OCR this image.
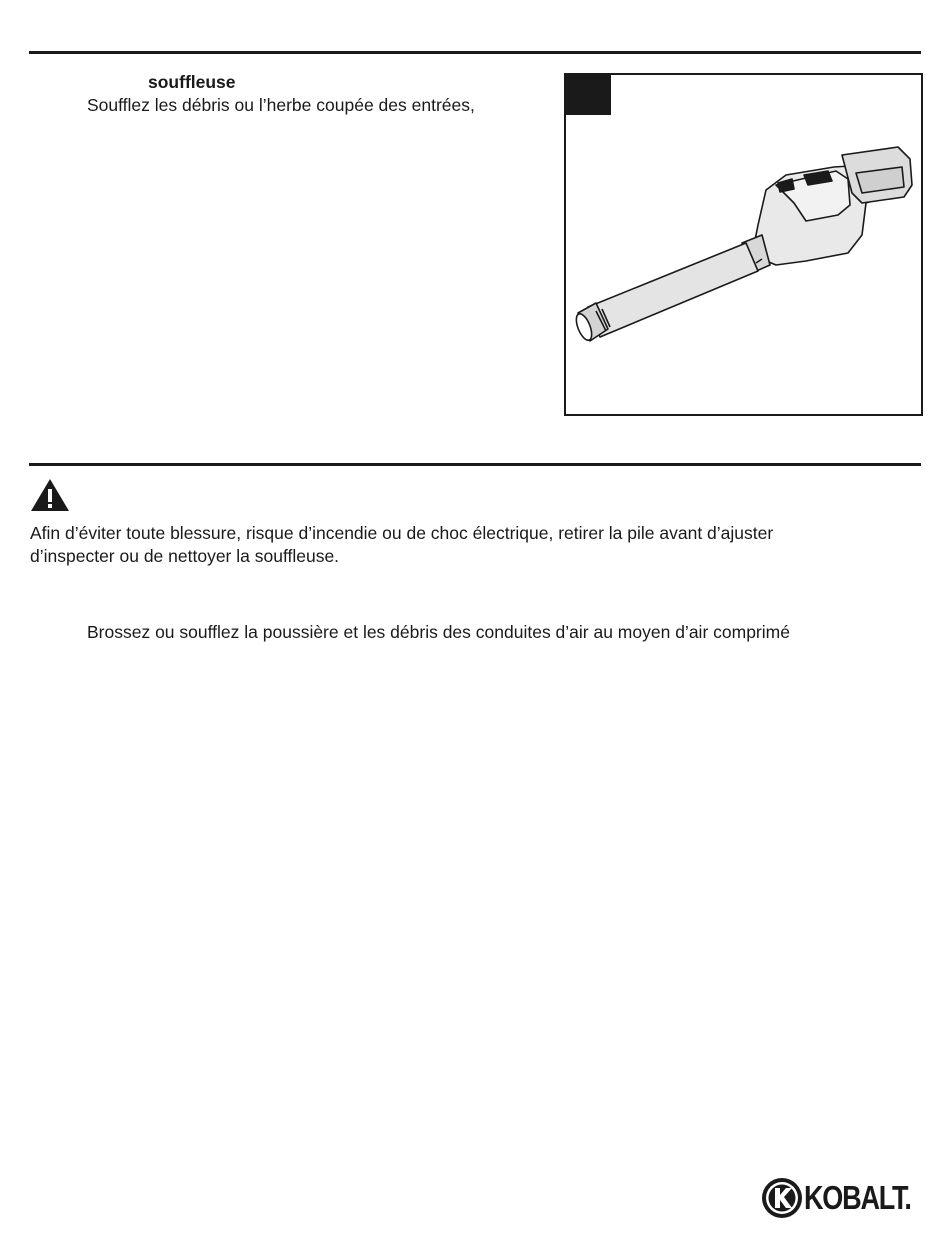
souffleuse
Soufflez les débris ou l’herbe coupée des entrées,
Afin d’éviter toute blessure, risque d’incendie ou de choc électrique, retirer la pile avant d’ajuster
d’inspecter ou de nettoyer la souffleuse.
Brossez ou soufflez la poussière et les débris des conduites d’air au moyen d’air comprimé
KOBALT.
